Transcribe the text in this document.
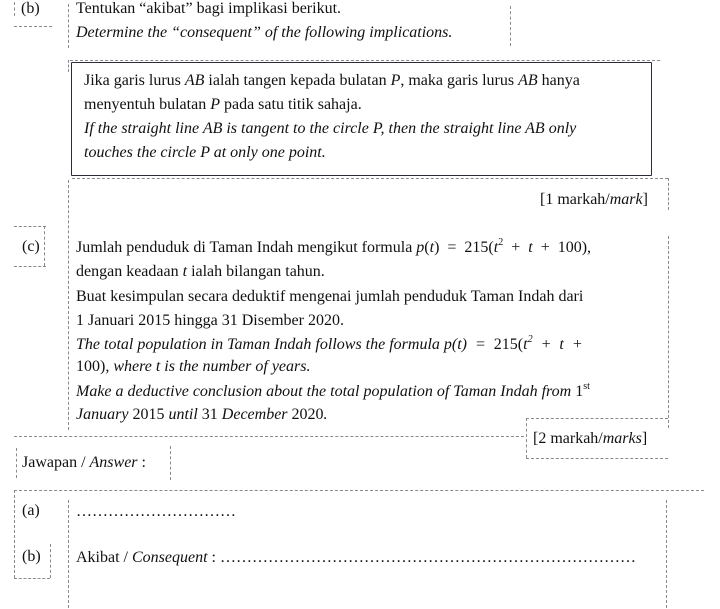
(b) Tentukan “akibat” bagi implikasi berikut.
Determine the “consequent” of the following implications.
Jika garis lurus AB ialah tangen kepada bulatan P, maka garis lurus AB hanya
menyentuh bulatan P pada satu titik sahaja.
If the straight line AB is tangent to the circle P, then the straight line AB only
touches the circle P at only one point.
[1 markah/mark]
(c) Jumlah penduduk di Taman Indah mengikut formula $p(t) = 215(t^2 + t + 100)$,
dengan keadaan t ialah bilangan tahun.
Buat kesimpulan secara deduktif mengenai jumlah penduduk Taman Indah dari
1 Januari 2015 hingga 31 Disember 2020.
The total population in Taman Indah follows the formula $p(t) = 215(t^2 + t$  +
100), where t is the number of years.
Make a deductive conclusion about the total population of Taman Indah from 1st
January 2015 until 31 December 2020.
[2 markah/marks]
Jawapan / Answer :
(a) …………………………
(b) Akibat / Consequent : ……………………………………………………………………
